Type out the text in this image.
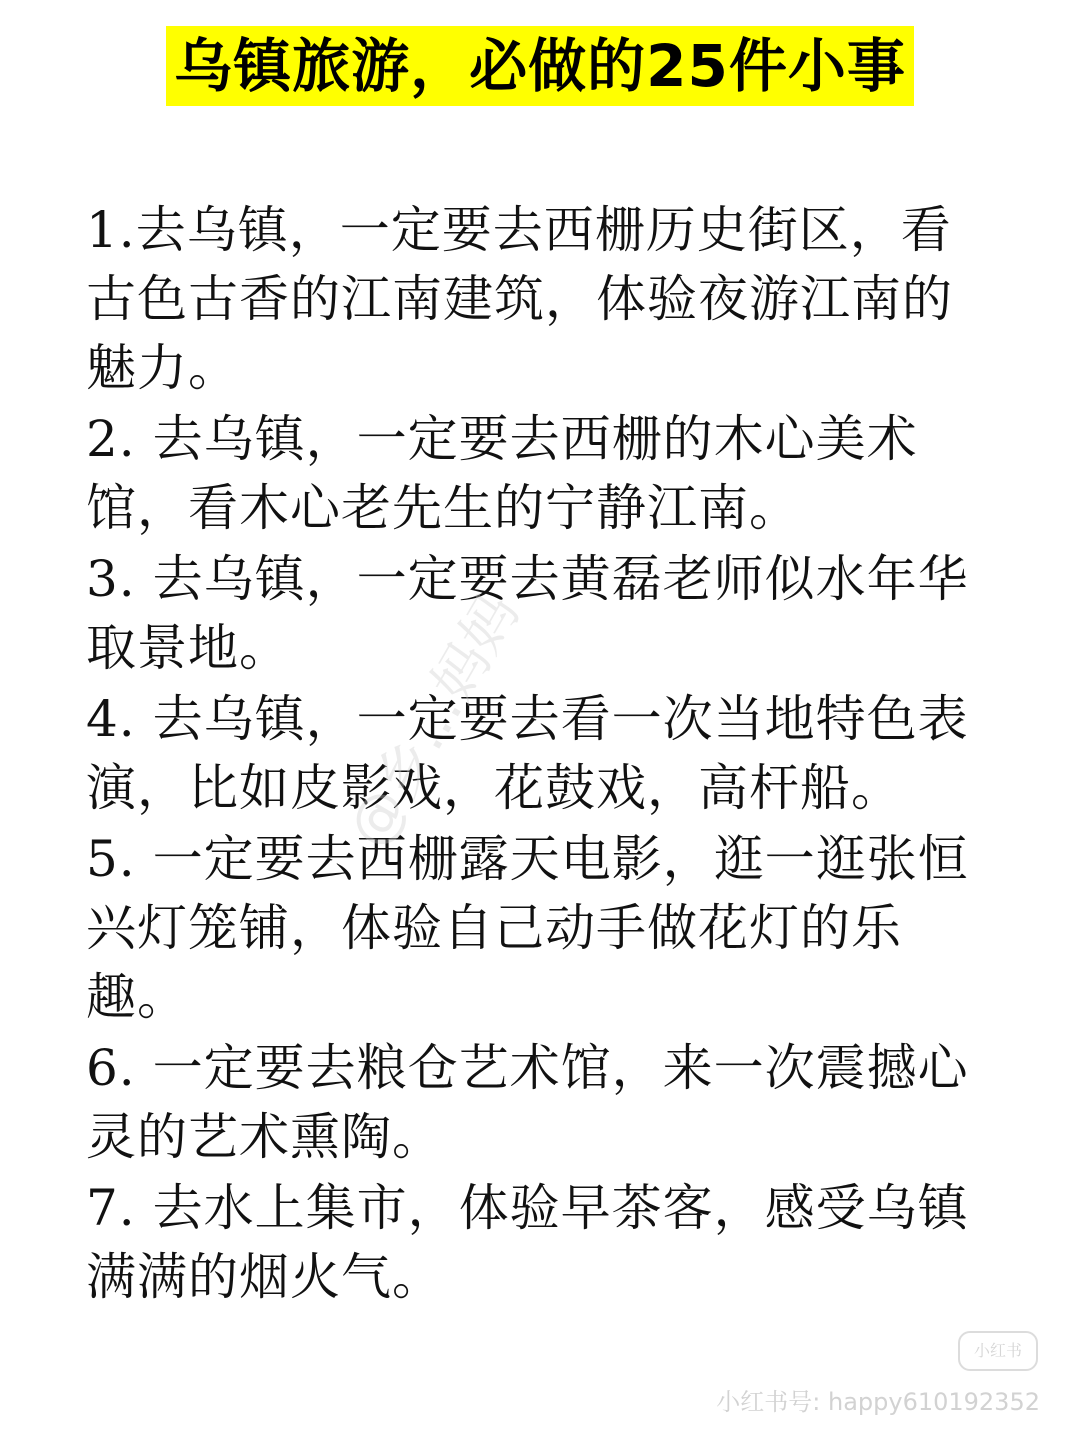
乌镇旅游，必做的25件小事
1.去乌镇，一定要去西栅历史街区，看古色古香的江南建筑，体验夜游江南的魅力。
2. 去乌镇，一定要去西栅的木心美术馆，看木心老先生的宁静江南。
3. 去乌镇，一定要去黄磊老师似水年华取景地。
4. 去乌镇，一定要去看一次当地特色表演，比如皮影戏，花鼓戏，高杆船。
5. 一定要去西栅露天电影，逛一逛张恒兴灯笼铺，体验自己动手做花灯的乐趣。
6. 一定要去粮仓艺术馆，来一次震撼心灵的艺术熏陶。
7. 去水上集市，体验早茶客，感受乌镇满满的烟火气。
@乡…妈妈
小红书
小红书号: happy610192352
